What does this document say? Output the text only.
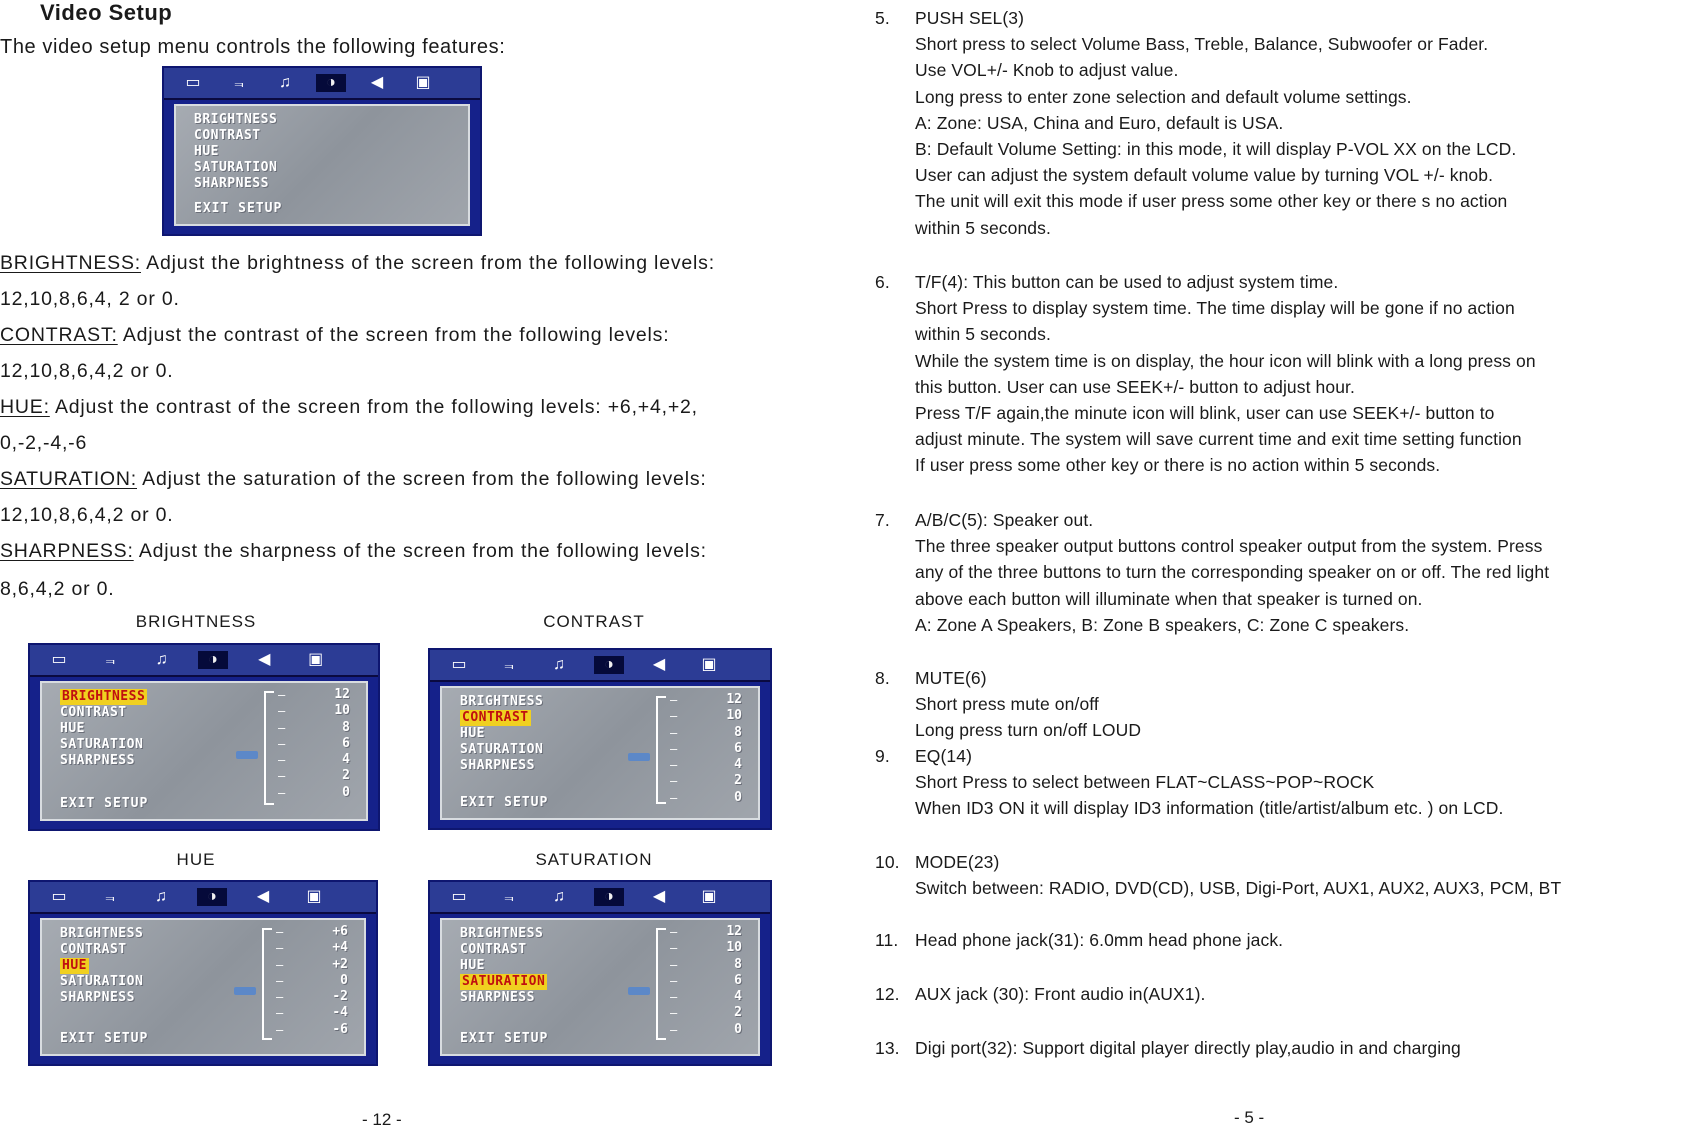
Video Setup
The video setup menu controls the following features:
▭	⫬	♫	◑	◀	▣
BRIGHTNESS
CONTRAST
HUE
SATURATION
SHARPNESS
EXIT SETUP
BRIGHTNESS: Adjust the brightness of the screen from the following levels:
12,10,8,6,4, 2 or 0.
CONTRAST: Adjust the contrast of the screen from the following levels:
12,10,8,6,4,2 or 0.
HUE: Adjust the contrast of the screen from the following levels: +6,+4,+2,
0,-2,-4,-6
SATURATION: Adjust the saturation of the screen from the following levels:
12,10,8,6,4,2 or 0.
SHARPNESS: Adjust the sharpness of the screen from the following levels:
8,6,4,2 or 0.
BRIGHTNESS	CONTRAST
▭	⫬	♫	◑	◀	▣
BRIGHTNESS
CONTRAST
HUE
SATURATION
SHARPNESS
EXIT SETUP
–
–
–
–
–
–
–
12
10
8
6
4
2
0
▭	⫬	♫	◑	◀	▣
BRIGHTNESS
CONTRAST
HUE
SATURATION
SHARPNESS
EXIT SETUP
–
–
–
–
–
–
–
12
10
8
6
4
2
0
HUE	SATURATION
▭	⫬	♫	◑	◀	▣
BRIGHTNESS
CONTRAST
HUE
SATURATION
SHARPNESS
EXIT SETUP
–
–
–
–
–
–
–
+6
+4
+2
0
-2
-4
-6
▭	⫬	♫	◑	◀	▣
BRIGHTNESS
CONTRAST
HUE
SATURATION
SHARPNESS
EXIT SETUP
–
–
–
–
–
–
–
12
10
8
6
4
2
0
- 12 -
5. PUSH SEL(3)
Short press to select Volume Bass, Treble, Balance, Subwoofer or Fader.
Use VOL+/- Knob to adjust value.
Long press to enter zone selection and default volume settings.
A: Zone: USA, China and Euro, default is USA.
B: Default Volume Setting: in this mode, it will display P-VOL XX on the LCD.
User can adjust the system default volume value by turning VOL +/- knob.
The unit will exit this mode if user press some other key or there s no action
within 5 seconds.
6. T/F(4): This button can be used to adjust system time.
Short Press to display system time. The time display will be gone if no action
within 5 seconds.
While the system time is on display, the hour icon will blink with a long press on
this button. User can use SEEK+/- button to adjust hour.
Press T/F again,the minute icon will blink, user can use SEEK+/- button to
adjust minute. The system will save current time and exit time setting function
If user press some other key or there is no action within 5 seconds.
7. A/B/C(5): Speaker out.
The three speaker output buttons control speaker output from the system. Press
any of the three buttons to turn the corresponding speaker on or off. The red light
above each button will illuminate when that speaker is turned on.
A: Zone A Speakers, B: Zone B speakers, C: Zone C speakers.
8. MUTE(6)
Short press mute on/off
Long press turn on/off LOUD
9. EQ(14)
Short Press to select between FLAT~CLASS~POP~ROCK
When ID3 ON it will display ID3 information (title/artist/album etc. ) on LCD.
10. MODE(23)
Switch between: RADIO, DVD(CD), USB, Digi-Port, AUX1, AUX2, AUX3, PCM, BT
11. Head phone jack(31): 6.0mm head phone jack.
12. AUX jack (30): Front audio in(AUX1).
13. Digi port(32): Support digital player directly play,audio in and charging
- 5 -
